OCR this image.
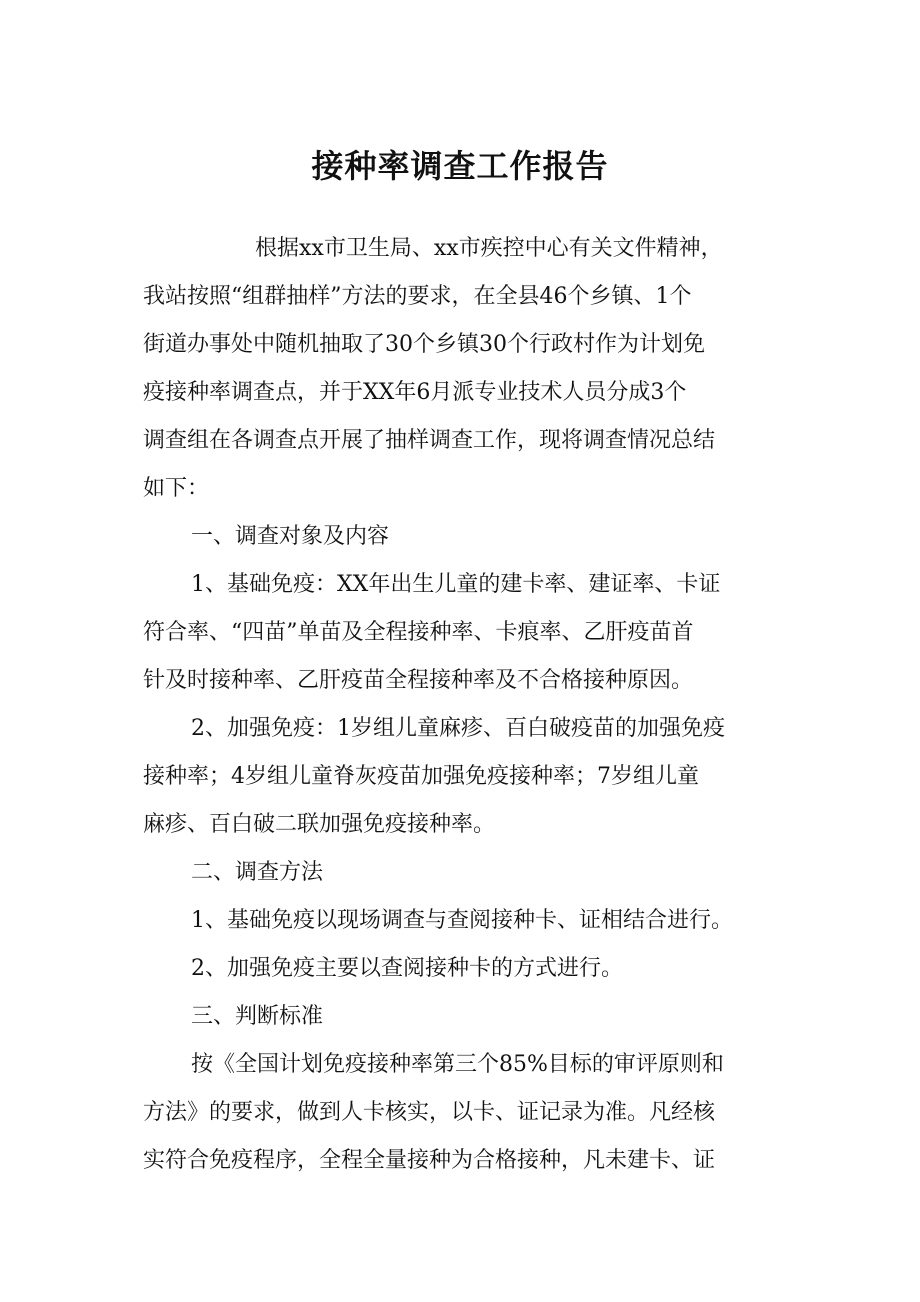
接种率调查工作报告
根据xx市卫生局、xx市疾控中心有关文件精神，
我站按照“组群抽样”方法的要求，在全县46个乡镇、1个
街道办事处中随机抽取了30个乡镇30个行政村作为计划免
疫接种率调查点，并于XX年6月派专业技术人员分成3个
调查组在各调查点开展了抽样调查工作，现将调查情况总结
如下：
一、调查对象及内容
1、基础免疫：XX年出生儿童的建卡率、建证率、卡证
符合率、“四苗”单苗及全程接种率、卡痕率、乙肝疫苗首
针及时接种率、乙肝疫苗全程接种率及不合格接种原因。
2、加强免疫：1岁组儿童麻疹、百白破疫苗的加强免疫
接种率；4岁组儿童脊灰疫苗加强免疫接种率；7岁组儿童
麻疹、百白破二联加强免疫接种率。
二、调查方法
1、基础免疫以现场调查与查阅接种卡、证相结合进行。
2、加强免疫主要以查阅接种卡的方式进行。
三、判断标准
按《全国计划免疫接种率第三个85%目标的审评原则和
方法》的要求，做到人卡核实，以卡、证记录为准。凡经核
实符合免疫程序，全程全量接种为合格接种，凡未建卡、证
